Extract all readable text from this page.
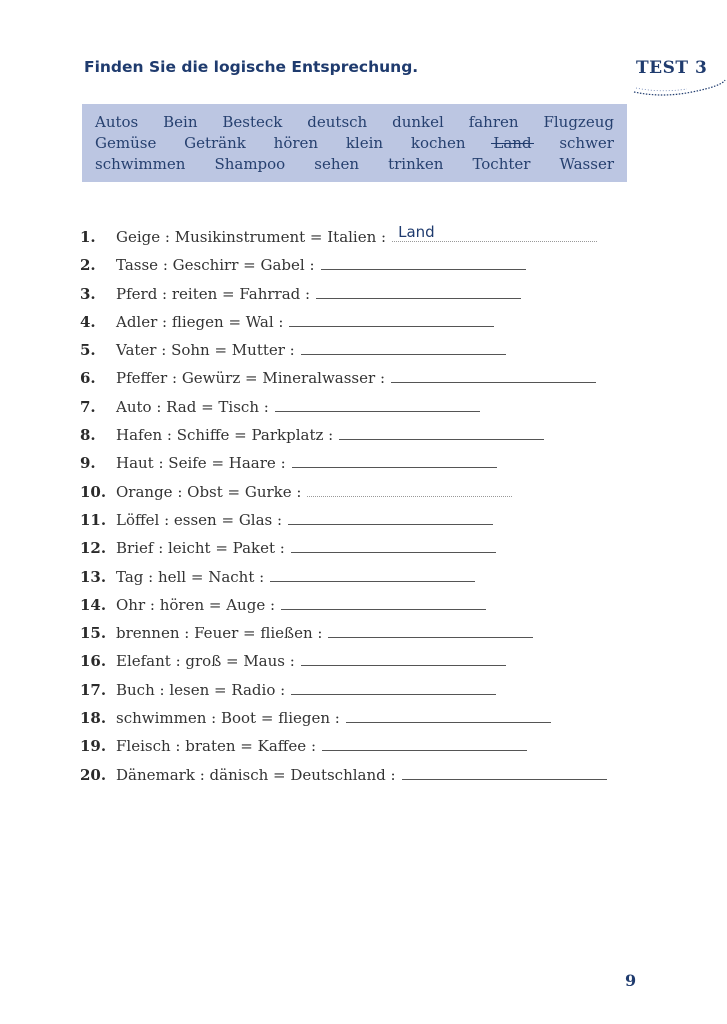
Finden Sie die logische Entsprechung.	TEST 3
Autos Bein Besteck deutsch dunkel fahren Flugzeug
Gemüse Getränk hören klein kochen Land schwer
schwimmen Shampoo sehen trinken Tochter Wasser
1.	Geige : Musikinstrument = Italien : Land
2.	Tasse : Geschirr = Gabel :
3.	Pferd : reiten = Fahrrad :
4.	Adler : fliegen = Wal :
5.	Vater : Sohn = Mutter :
6.	Pfeffer : Gewürz = Mineralwasser :
7.	Auto : Rad = Tisch :
8.	Hafen : Schiffe = Parkplatz :
9.	Haut : Seife = Haare :
10. Orange : Obst = Gurke :
11. Löffel : essen = Glas :
12. Brief : leicht = Paket :
13. Tag : hell = Nacht :
14. Ohr : hören = Auge :
15. brennen : Feuer = fließen :
16. Elefant : groß = Maus :
17. Buch : lesen = Radio :
18. schwimmen : Boot = fliegen :
19. Fleisch : braten = Kaffee :
20. Dänemark : dänisch = Deutschland :
9
